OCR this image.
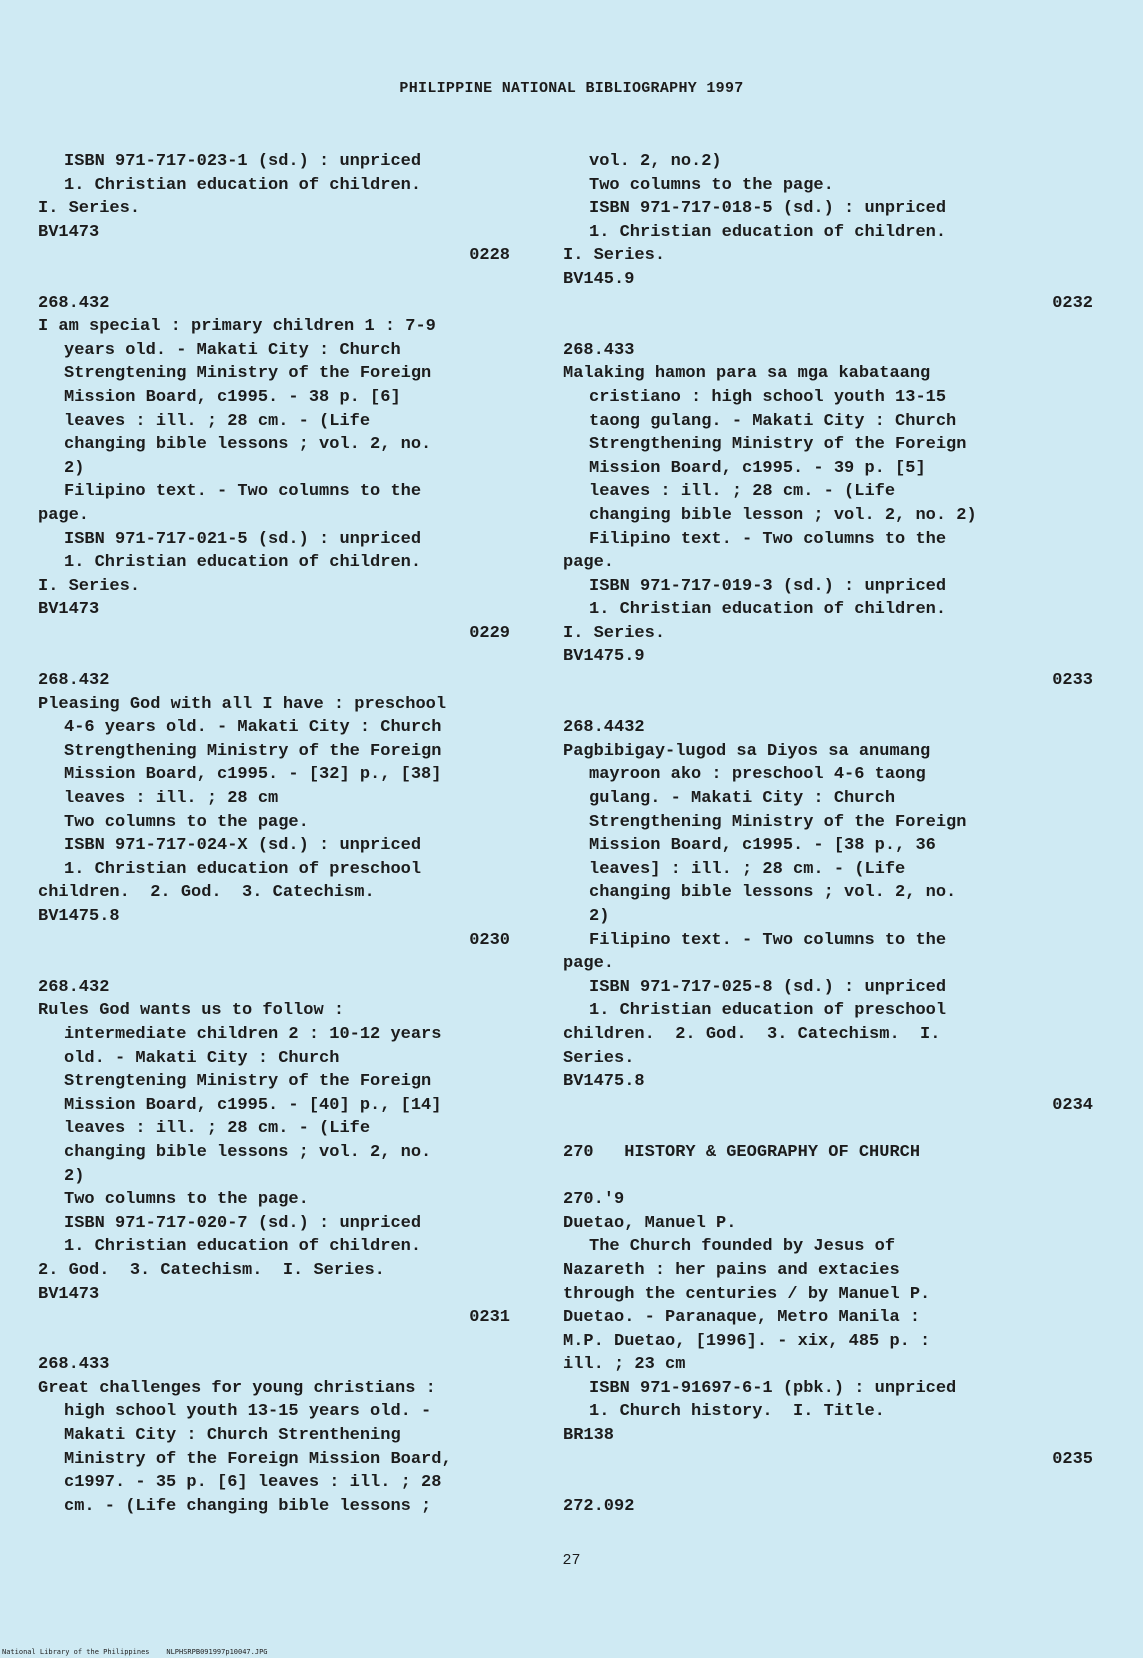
PHILIPPINE NATIONAL BIBLIOGRAPHY 1997
ISBN 971-717-023-1 (sd.) : unpriced
1. Christian education of children.
I. Series.
BV1473
0228
268.432
I am special : primary children 1 : 7-9
years old. - Makati City : Church
Strengtening Ministry of the Foreign
Mission Board, c1995. - 38 p. [6]
leaves : ill. ; 28 cm. - (Life
changing bible lessons ; vol. 2, no.
2)
Filipino text. - Two columns to the
page.
ISBN 971-717-021-5 (sd.) : unpriced
1. Christian education of children.
I. Series.
BV1473
0229
268.432
Pleasing God with all I have : preschool
4-6 years old. - Makati City : Church
Strengthening Ministry of the Foreign
Mission Board, c1995. - [32] p., [38]
leaves : ill. ; 28 cm
Two columns to the page.
ISBN 971-717-024-X (sd.) : unpriced
1. Christian education of preschool
children.  2. God.  3. Catechism.
BV1475.8
0230
268.432
Rules God wants us to follow :
intermediate children 2 : 10-12 years
old. - Makati City : Church
Strengtening Ministry of the Foreign
Mission Board, c1995. - [40] p., [14]
leaves : ill. ; 28 cm. - (Life
changing bible lessons ; vol. 2, no.
2)
Two columns to the page.
ISBN 971-717-020-7 (sd.) : unpriced
1. Christian education of children.
2. God.  3. Catechism.  I. Series.
BV1473
0231
268.433
Great challenges for young christians :
high school youth 13-15 years old. -
Makati City : Church Strenthening
Ministry of the Foreign Mission Board,
c1997. - 35 p. [6] leaves : ill. ; 28
cm. - (Life changing bible lessons ;
vol. 2, no.2)
Two columns to the page.
ISBN 971-717-018-5 (sd.) : unpriced
1. Christian education of children.
I. Series.
BV145.9
0232
268.433
Malaking hamon para sa mga kabataang
cristiano : high school youth 13-15
taong gulang. - Makati City : Church
Strengthening Ministry of the Foreign
Mission Board, c1995. - 39 p. [5]
leaves : ill. ; 28 cm. - (Life
changing bible lesson ; vol. 2, no. 2)
Filipino text. - Two columns to the
page.
ISBN 971-717-019-3 (sd.) : unpriced
1. Christian education of children.
I. Series.
BV1475.9
0233
268.4432
Pagbibigay-lugod sa Diyos sa anumang
mayroon ako : preschool 4-6 taong
gulang. - Makati City : Church
Strengthening Ministry of the Foreign
Mission Board, c1995. - [38 p., 36
leaves] : ill. ; 28 cm. - (Life
changing bible lessons ; vol. 2, no.
2)
Filipino text. - Two columns to the
page.
ISBN 971-717-025-8 (sd.) : unpriced
1. Christian education of preschool
children.  2. God.  3. Catechism.  I.
Series.
BV1475.8
0234
270   HISTORY & GEOGRAPHY OF CHURCH
270.'9
Duetao, Manuel P.
The Church founded by Jesus of
Nazareth : her pains and extacies
through the centuries / by Manuel P.
Duetao. - Paranaque, Metro Manila :
M.P. Duetao, [1996]. - xix, 485 p. :
ill. ; 23 cm
ISBN 971-91697-6-1 (pbk.) : unpriced
1. Church history.  I. Title.
BR138
0235
272.092
27
National Library of the Philippines    NLPHSRPB091997p10047.JPG
